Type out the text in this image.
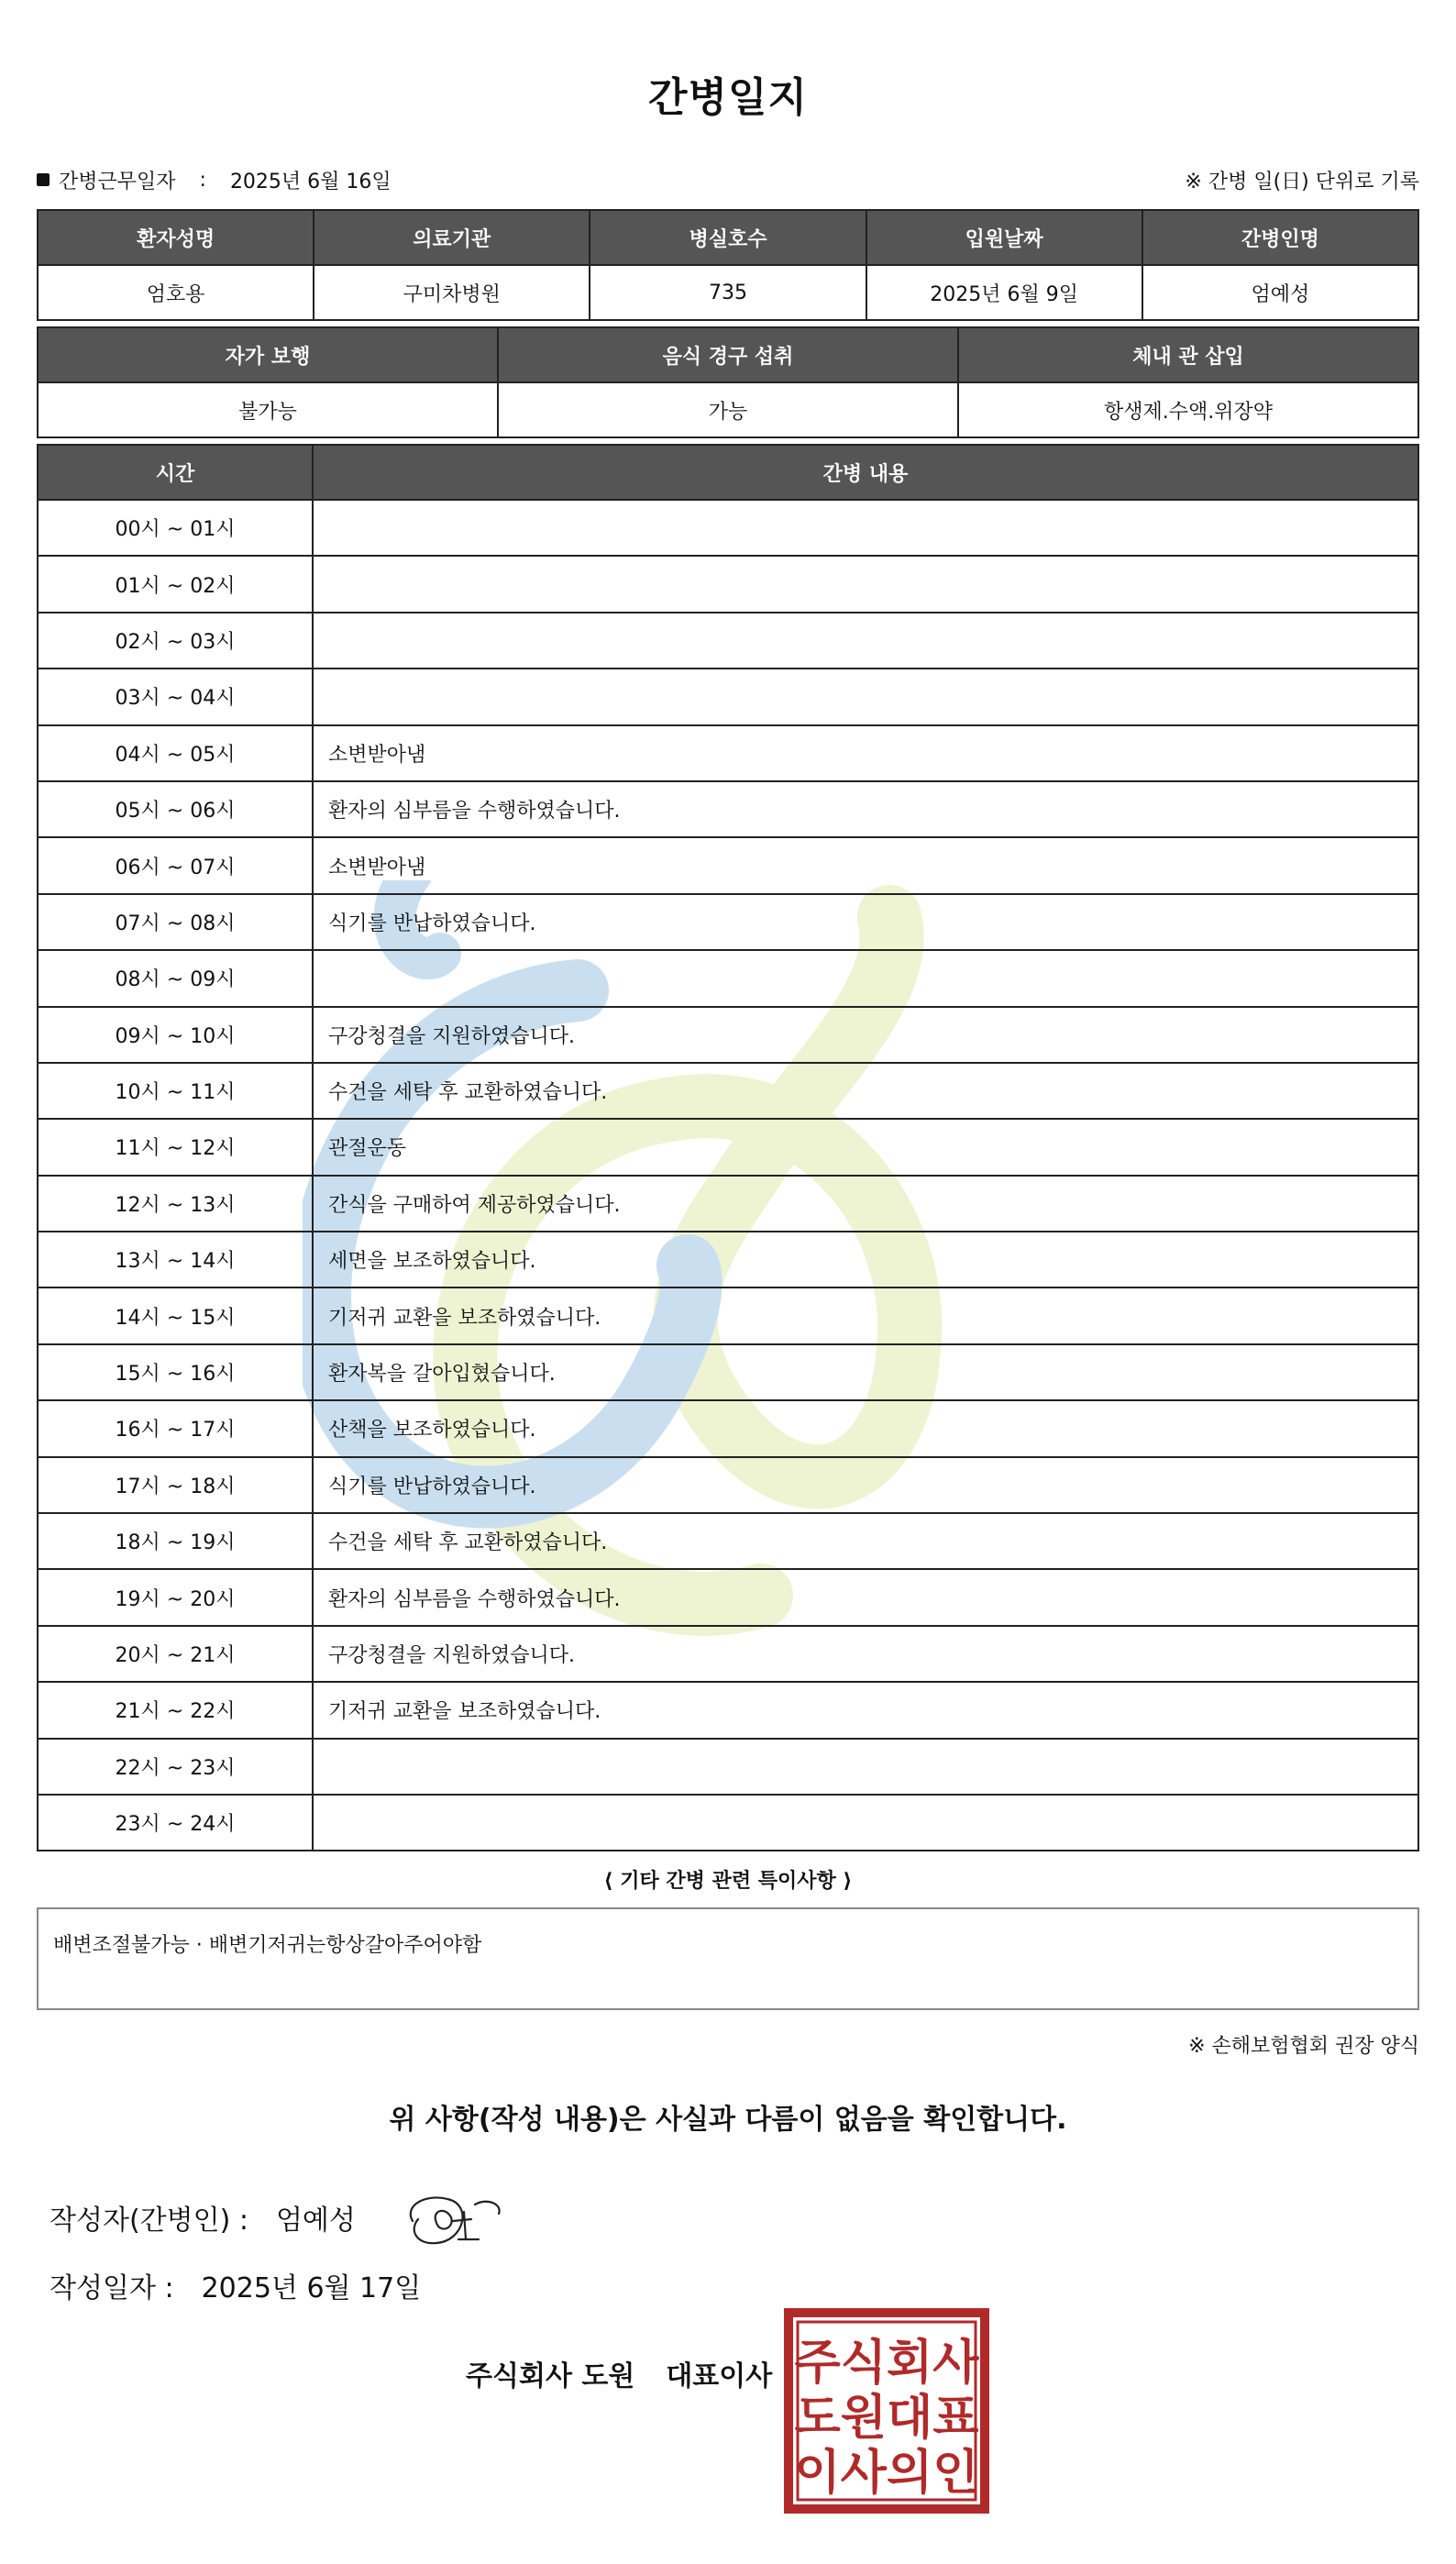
간병일지
간병근무일자 : 2025년 6월 16일	※ 간병 일(日) 단위로 기록
환자성명	의료기관	병실호수	입원날짜	간병인명
엄호용	구미차병원	735	2025년 6월 9일	엄예성
자가 보행	음식 경구 섭취	체내 관 삽입
불가능	가능	항생제.수액.위장약
시간	간병 내용
00시 ~ 01시	
01시 ~ 02시	
02시 ~ 03시	
03시 ~ 04시	
04시 ~ 05시	소변받아냄
05시 ~ 06시	환자의 심부름을 수행하였습니다.
06시 ~ 07시	소변받아냄
07시 ~ 08시	식기를 반납하였습니다.
08시 ~ 09시	
09시 ~ 10시	구강청결을 지원하였습니다.
10시 ~ 11시	수건을 세탁 후 교환하였습니다.
11시 ~ 12시	관절운동
12시 ~ 13시	간식을 구매하여 제공하였습니다.
13시 ~ 14시	세면을 보조하였습니다.
14시 ~ 15시	기저귀 교환을 보조하였습니다.
15시 ~ 16시	환자복을 갈아입혔습니다.
16시 ~ 17시	산책을 보조하였습니다.
17시 ~ 18시	식기를 반납하였습니다.
18시 ~ 19시	수건을 세탁 후 교환하였습니다.
19시 ~ 20시	환자의 심부름을 수행하였습니다.
20시 ~ 21시	구강청결을 지원하였습니다.
21시 ~ 22시	기저귀 교환을 보조하였습니다.
22시 ~ 23시	
23시 ~ 24시	
⟨ 기타 간병 관련 특이사항 ⟩
배변조절불가능 · 배변기저귀는항상갈아주어야함
※ 손해보험협회 권장 양식
위 사항(작성 내용)은 사실과 다름이 없음을 확인합니다.
작성자(간병인) : 엄예성
작성일자 : 2025년 6월 17일
주식회사 도원 대표이사 주식회사
도원대표
이사의인
